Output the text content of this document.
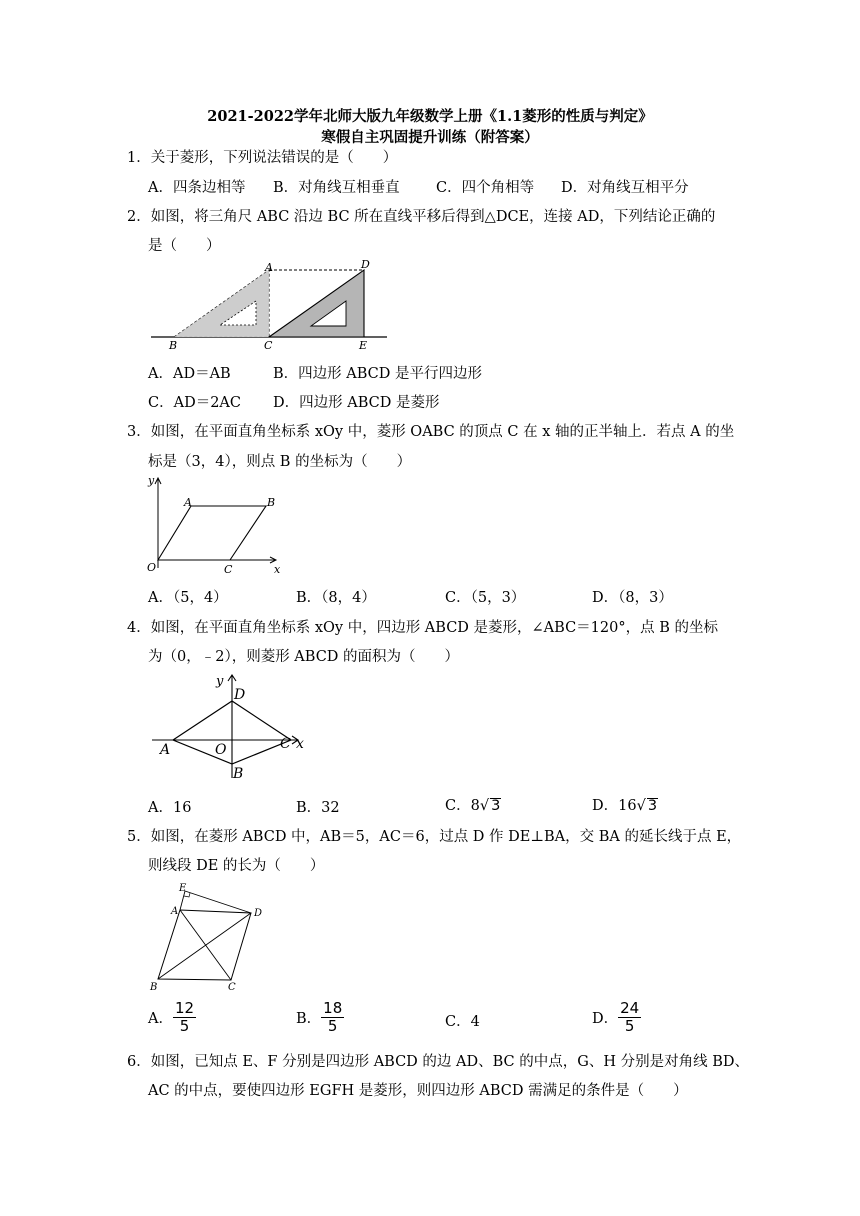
2021-2022学年北师大版九年级数学上册《1.1菱形的性质与判定》
寒假自主巩固提升训练（附答案）
1．关于菱形，下列说法错误的是（　　）
A．四条边相等 B．对角线互相垂直	C．四个角相等 D．对角线互相平分
2．如图，将三角尺 ABC 沿边 BC 所在直线平移后得到△DCE，连接 AD，下列结论正确的
是（　　）
A	D
B	C	E
A．AD＝AB	B．四边形 ABCD 是平行四边形
C．AD＝2AC D．四边形 ABCD 是菱形
3．如图，在平面直角坐标系 xOy 中，菱形 OABC 的顶点 C 在 x 轴的正半轴上．若点 A 的坐
标是（3，4），则点 B 的坐标为（　　）
y
x
O
A	B
C
A．（5，4）	B．（8，4）	C．（5，3）	D．（8，3）
4．如图，在平面直角坐标系 xOy 中，四边形 ABCD 是菱形，∠ABC＝120°，点 B 的坐标
为（0，﹣2），则菱形 ABCD 的面积为（　　）
y
D
A	O	C x
B
A．16	B．32	C．8√ 3	D．16√ 3
5．如图，在菱形 ABCD 中，AB＝5，AC＝6，过点 D 作 DE⊥BA，交 BA 的延长线于点 E，
则线段 DE 的长为（　　）
E
A	D
B	C
A． $\frac{12}{5}$	B． $\frac{18}{5}$	C．4	D． $\frac{24}{5}$
6．如图，已知点 E、F 分别是四边形 ABCD 的边 AD、BC 的中点，G、H 分别是对角线 BD、
AC 的中点，要使四边形 EGFH 是菱形，则四边形 ABCD 需满足的条件是（　　）
